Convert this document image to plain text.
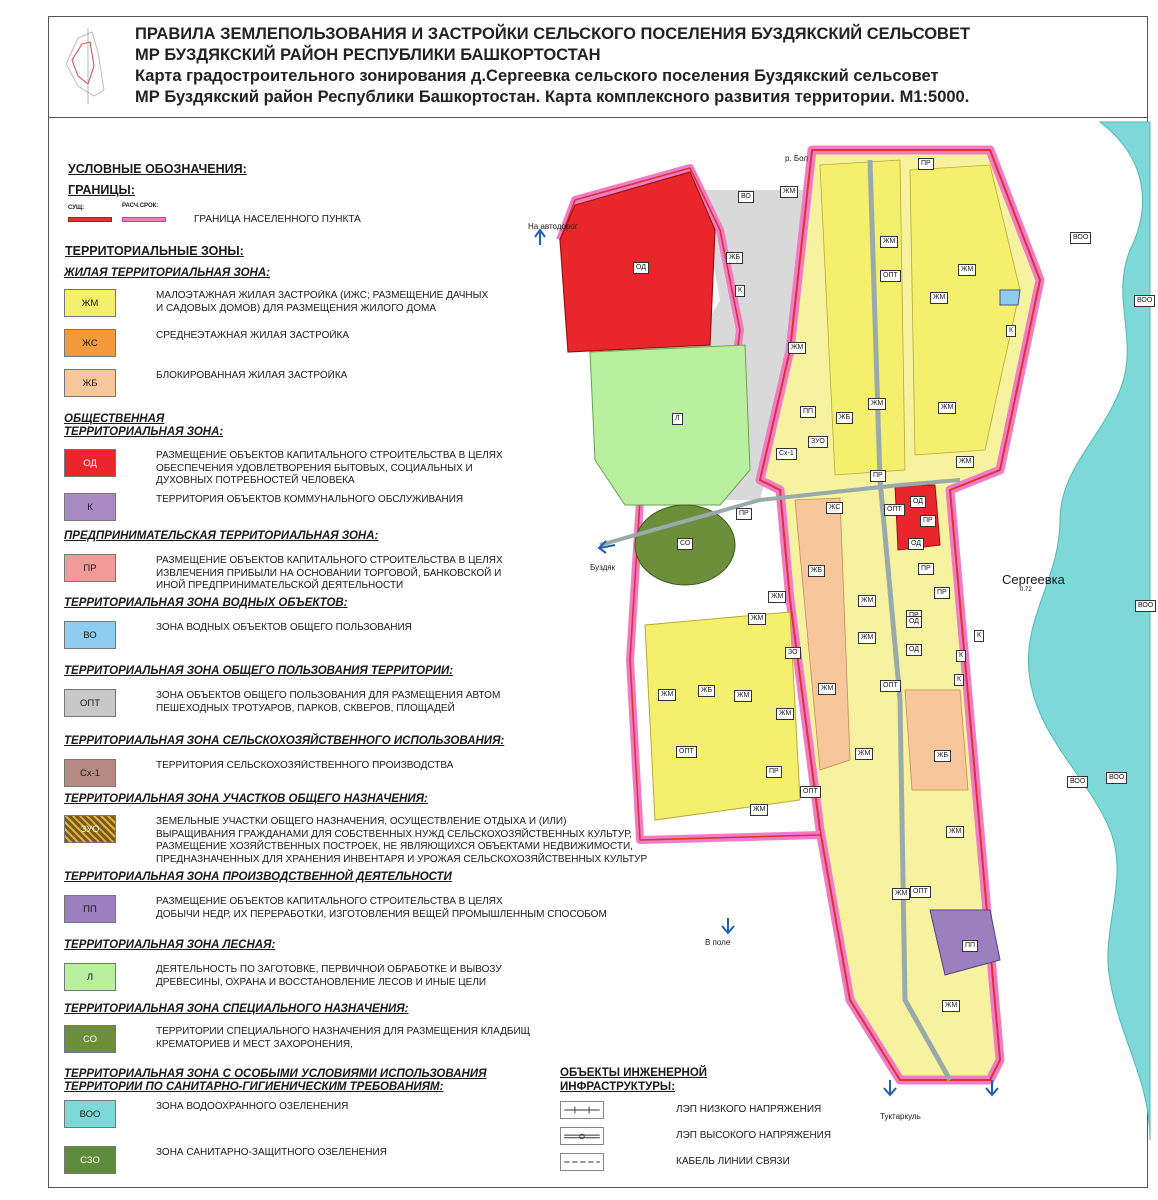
ПРАВИЛА ЗЕМЛЕПОЛЬЗОВАНИЯ И ЗАСТРОЙКИ СЕЛЬСКОГО ПОСЕЛЕНИЯ БУЗДЯКСКИЙ СЕЛЬСОВЕТ
МР БУЗДЯКСКИЙ РАЙОН РЕСПУБЛИКИ БАШКОРТОСТАН
Карта градостроительного зонирования д.Сергеевка сельского поселения Буздякский сельсовет
МР Буздякский район Республики Башкортостан. Карта комплексного развития территории. М1:5000.
УСЛОВНЫЕ ОБОЗНАЧЕНИЯ:
ГРАНИЦЫ:
СУЩ:	РАСЧ.СРОК:
ГРАНИЦА НАСЕЛЕННОГО ПУНКТА
ТЕРРИТОРИАЛЬНЫЕ ЗОНЫ:
ЖИЛАЯ ТЕРРИТОРИАЛЬНАЯ ЗОНА:
ЖМ
МАЛОЭТАЖНАЯ ЖИЛАЯ ЗАСТРОЙКА (ИЖС; РАЗМЕЩЕНИЕ ДАЧНЫХ
И САДОВЫХ ДОМОВ) ДЛЯ РАЗМЕЩЕНИЯ ЖИЛОГО ДОМА
ЖС
СРЕДНЕЭТАЖНАЯ ЖИЛАЯ ЗАСТРОЙКА
ЖБ
БЛОКИРОВАННАЯ ЖИЛАЯ ЗАСТРОЙКА
ОБЩЕСТВЕННАЯ
ТЕРРИТОРИАЛЬНАЯ ЗОНА:
ОД
РАЗМЕЩЕНИЕ ОБЪЕКТОВ КАПИТАЛЬНОГО СТРОИТЕЛЬСТВА В ЦЕЛЯХ
ОБЕСПЕЧЕНИЯ УДОВЛЕТВОРЕНИЯ БЫТОВЫХ, СОЦИАЛЬНЫХ И
ДУХОВНЫХ ПОТРЕБНОСТЕЙ ЧЕЛОВЕКА
К
ТЕРРИТОРИЯ ОБЪЕКТОВ КОММУНАЛЬНОГО ОБСЛУЖИВАНИЯ
ПРЕДПРИНИМАТЕЛЬСКАЯ ТЕРРИТОРИАЛЬНАЯ ЗОНА:
ПР
РАЗМЕЩЕНИЕ ОБЪЕКТОВ КАПИТАЛЬНОГО СТРОИТЕЛЬСТВА В ЦЕЛЯХ
ИЗВЛЕЧЕНИЯ ПРИБЫЛИ НА ОСНОВАНИИ ТОРГОВОЙ, БАНКОВСКОЙ И
ИНОЙ ПРЕДПРИНИМАТЕЛЬСКОЙ ДЕЯТЕЛЬНОСТИ
ТЕРРИТОРИАЛЬНАЯ ЗОНА ВОДНЫХ ОБЪЕКТОВ:
ВО
ЗОНА ВОДНЫХ ОБЪЕКТОВ ОБЩЕГО ПОЛЬЗОВАНИЯ
ТЕРРИТОРИАЛЬНАЯ ЗОНА ОБЩЕГО ПОЛЬЗОВАНИЯ ТЕРРИТОРИИ:
ОПТ
ЗОНА ОБЪЕКТОВ ОБЩЕГО ПОЛЬЗОВАНИЯ ДЛЯ РАЗМЕЩЕНИЯ АВТОМ
ПЕШЕХОДНЫХ ТРОТУАРОВ, ПАРКОВ, СКВЕРОВ, ПЛОЩАДЕЙ
ТЕРРИТОРИАЛЬНАЯ ЗОНА СЕЛЬСКОХОЗЯЙСТВЕННОГО ИСПОЛЬЗОВАНИЯ:
Сх-1
ТЕРРИТОРИЯ СЕЛЬСКОХОЗЯЙСТВЕННОГО ПРОИЗВОДСТВА
ТЕРРИТОРИАЛЬНАЯ ЗОНА УЧАСТКОВ ОБЩЕГО НАЗНАЧЕНИЯ:
ЗУО
ЗЕМЕЛЬНЫЕ УЧАСТКИ ОБЩЕГО НАЗНАЧЕНИЯ, ОСУЩЕСТВЛЕНИЕ ОТДЫХА И (ИЛИ)
ВЫРАЩИВАНИЯ ГРАЖДАНАМИ ДЛЯ СОБСТВЕННЫХ НУЖД СЕЛЬСКОХОЗЯЙСТВЕННЫХ КУЛЬТУР,
РАЗМЕЩЕНИЕ ХОЗЯЙСТВЕННЫХ ПОСТРОЕК, НЕ ЯВЛЯЮЩИХСЯ ОБЪЕКТАМИ НЕДВИЖИМОСТИ,
ПРЕДНАЗНАЧЕННЫХ ДЛЯ ХРАНЕНИЯ ИНВЕНТАРЯ И УРОЖАЯ СЕЛЬСКОХОЗЯЙСТВЕННЫХ КУЛЬТУР
ТЕРРИТОРИАЛЬНАЯ ЗОНА ПРОИЗВОДСТВЕННОЙ ДЕЯТЕЛЬНОСТИ
ПП
РАЗМЕЩЕНИЕ ОБЪЕКТОВ КАПИТАЛЬНОГО СТРОИТЕЛЬСТВА В ЦЕЛЯХ
ДОБЫЧИ НЕДР, ИХ ПЕРЕРАБОТКИ, ИЗГОТОВЛЕНИЯ ВЕЩЕЙ ПРОМЫШЛЕННЫМ СПОСОБОМ
ТЕРРИТОРИАЛЬНАЯ ЗОНА ЛЕСНАЯ:
Л
ДЕЯТЕЛЬНОСТЬ ПО ЗАГОТОВКЕ, ПЕРВИЧНОЙ ОБРАБОТКЕ И ВЫВОЗУ
ДРЕВЕСИНЫ, ОХРАНА И ВОССТАНОВЛЕНИЕ ЛЕСОВ И ИНЫЕ ЦЕЛИ
ТЕРРИТОРИАЛЬНАЯ ЗОНА СПЕЦИАЛЬНОГО НАЗНАЧЕНИЯ:
СО
ТЕРРИТОРИИ СПЕЦИАЛЬНОГО НАЗНАЧЕНИЯ ДЛЯ РАЗМЕЩЕНИЯ КЛАДБИЩ
КРЕМАТОРИЕВ И МЕСТ ЗАХОРОНЕНИЯ,
ТЕРРИТОРИАЛЬНАЯ ЗОНА С ОСОБЫМИ УСЛОВИЯМИ ИСПОЛЬЗОВАНИЯ
ТЕРРИТОРИИ ПО САНИТАРНО-ГИГИЕНИЧЕСКИМ ТРЕБОВАНИЯМ:
ВОО
ЗОНА ВОДООХРАННОГО ОЗЕЛЕНЕНИЯ
СЗО
ЗОНА САНИТАРНО-ЗАЩИТНОГО ОЗЕЛЕНЕНИЯ
ОБЪЕКТЫ ИНЖЕНЕРНОЙ
ИНФРАСТРУКТУРЫ:
ЛЭП НИЗКОГО НАПРЯЖЕНИЯ
ЛЭП ВЫСОКОГО НАПРЯЖЕНИЯ
КАБЕЛЬ ЛИНИИ СВЯЗИ
Сергеевка
0.72
р. Бол
На автодорог
Буздяк
В поле
Туктаркуль
ПР
ВО
ЖМ
ЖМ
ЖБ
ОД
К
ЖМ
ОПТ
ЖМ
К
ЖМ
ЖМ
ЖМ
Л
ПП
ЖБ
ЗУО
Сх-1
ЖМ
ПР
ОД
ЖС
ПР
ОПТ
ПР
СО	ОД
ЖБ	ПР
ЖМ
ЖМ
ПР
ЖМ	ОД
К
ЗО	ОД
К
ЖМ
ЖБ
ЖМ
ЖМ	ОПТ
ОПТ
ЖМ
К
ЖМ
ЖБ
ПР
ЖМ
ОПТ
ЖМ
ПП
ЖМ
ЖМ
ОПТ
ЖМ
ВОО
ВОО
ВОО
ВОО
ВОО
